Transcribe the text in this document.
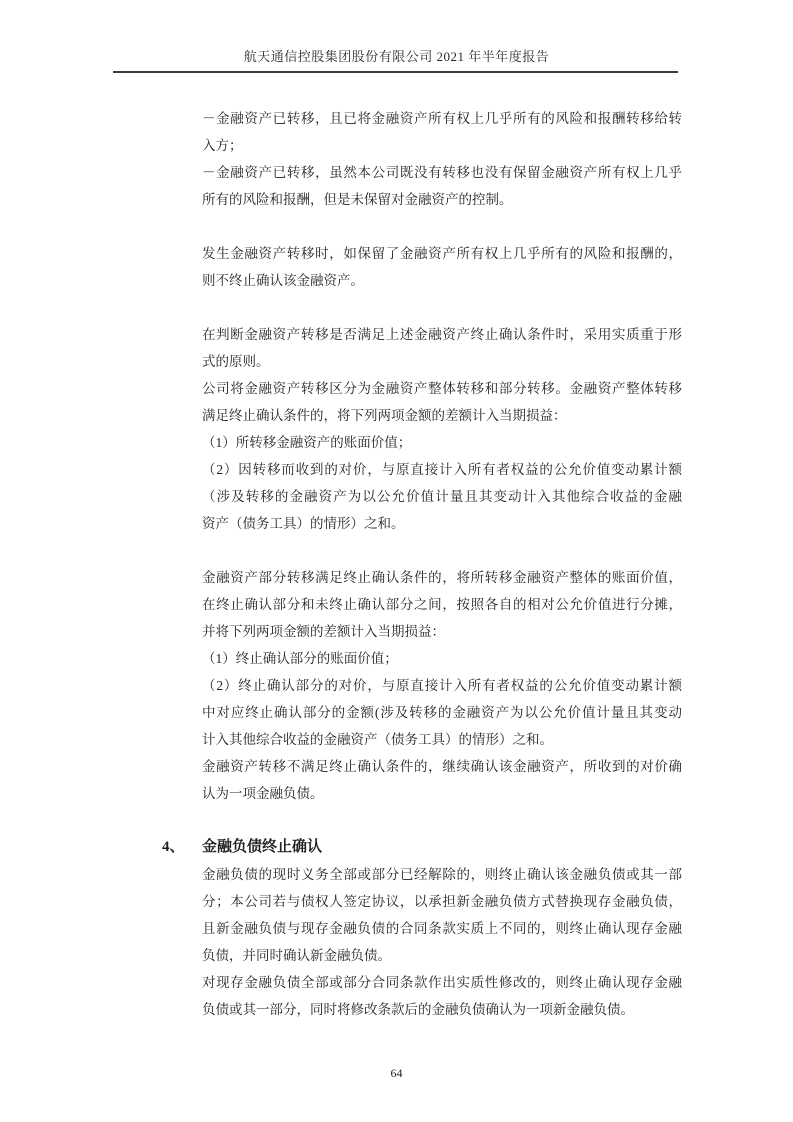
航天通信控股集团股份有限公司 2021 年半年度报告
－金融资产已转移，且已将金融资产所有权上几乎所有的风险和报酬转移给转
入方；
－金融资产已转移，虽然本公司既没有转移也没有保留金融资产所有权上几乎
所有的风险和报酬，但是未保留对金融资产的控制。
发生金融资产转移时，如保留了金融资产所有权上几乎所有的风险和报酬的，
则不终止确认该金融资产。
在判断金融资产转移是否满足上述金融资产终止确认条件时，采用实质重于形
式的原则。
公司将金融资产转移区分为金融资产整体转移和部分转移。金融资产整体转移
满足终止确认条件的，将下列两项金额的差额计入当期损益：
（1）所转移金融资产的账面价值；
（2）因转移而收到的对价，与原直接计入所有者权益的公允价值变动累计额
（涉及转移的金融资产为以公允价值计量且其变动计入其他综合收益的金融
资产（债务工具）的情形）之和。
金融资产部分转移满足终止确认条件的，将所转移金融资产整体的账面价值，
在终止确认部分和未终止确认部分之间，按照各自的相对公允价值进行分摊，
并将下列两项金额的差额计入当期损益：
（1）终止确认部分的账面价值；
（2）终止确认部分的对价，与原直接计入所有者权益的公允价值变动累计额
中对应终止确认部分的金额(涉及转移的金融资产为以公允价值计量且其变动
计入其他综合收益的金融资产（债务工具）的情形）之和。
金融资产转移不满足终止确认条件的，继续确认该金融资产，所收到的对价确
认为一项金融负债。
4、 金融负债终止确认
金融负债的现时义务全部或部分已经解除的，则终止确认该金融负债或其一部
分；本公司若与债权人签定协议，以承担新金融负债方式替换现存金融负债，
且新金融负债与现存金融负债的合同条款实质上不同的，则终止确认现存金融
负债，并同时确认新金融负债。
对现存金融负债全部或部分合同条款作出实质性修改的，则终止确认现存金融
负债或其一部分，同时将修改条款后的金融负债确认为一项新金融负债。
64
